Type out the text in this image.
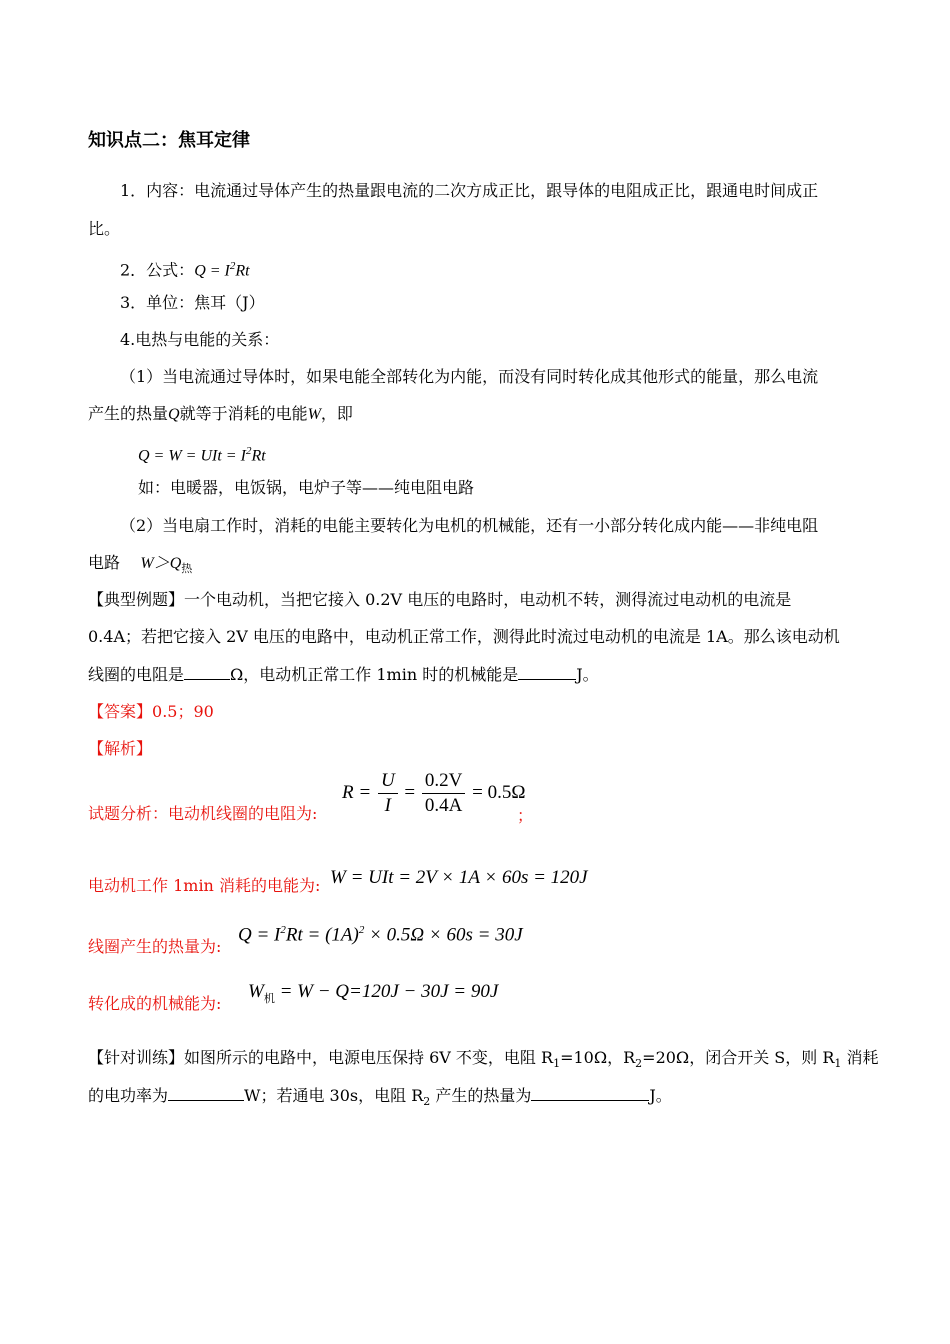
知识点二：焦耳定律
1．内容：电流通过导体产生的热量跟电流的二次方成正比，跟导体的电阻成正比，跟通电时间成正
比。
2．公式：$Q = I^2Rt$
3．单位：焦耳（J）
4.电热与电能的关系：
（1）当电流通过导体时，如果电能全部转化为内能，而没有同时转化成其他形式的能量，那么电流
产生的热量Q就等于消耗的电能W，即
Q = W = UIt = $I^2Rt$
如：电暖器，电饭锅，电炉子等——纯电阻电路
（2）当电扇工作时，消耗的电能主要转化为电机的机械能，还有一小部分转化成内能——非纯电阻
电路 $W>Q_热$
【典型例题】一个电动机，当把它接入 0.2V 电压的电路时，电动机不转，测得流过电动机的电流是
0.4A；若把它接入 2V 电压的电路中，电动机正常工作，测得此时流过电动机的电流是 1A。那么该电动机
线圈的电阻是	Ω，电动机正常工作 1min 时的机械能是	J。
【答案】0.5；90
【解析】
试题分析：电动机线圈的电阻为:
$R = \frac{U}{I} = \frac{0.2V}{0.4A} = 0.5\Omega$
；
电动机工作 1min 消耗的电能为: W = UIt = 2V × 1A × 60s = 120J
线圈产生的热量为:
$Q = I^2Rt = (1A)^2 \times 0.5\Omega \times 60s = 30J$
转化成的机械能为:
$W_机 = W - Q=120J - 30J = 90J$
【针对训练】如图所示的电路中，电源电压保持 6V 不变，电阻 $R_1=10\Omega$，$R_2=20\Omega$，闭合开关 S，则 $R_1$ 消耗
的电功率为	W；若通电 30s，电阻 $R_2$ 产生的热量为	J。
